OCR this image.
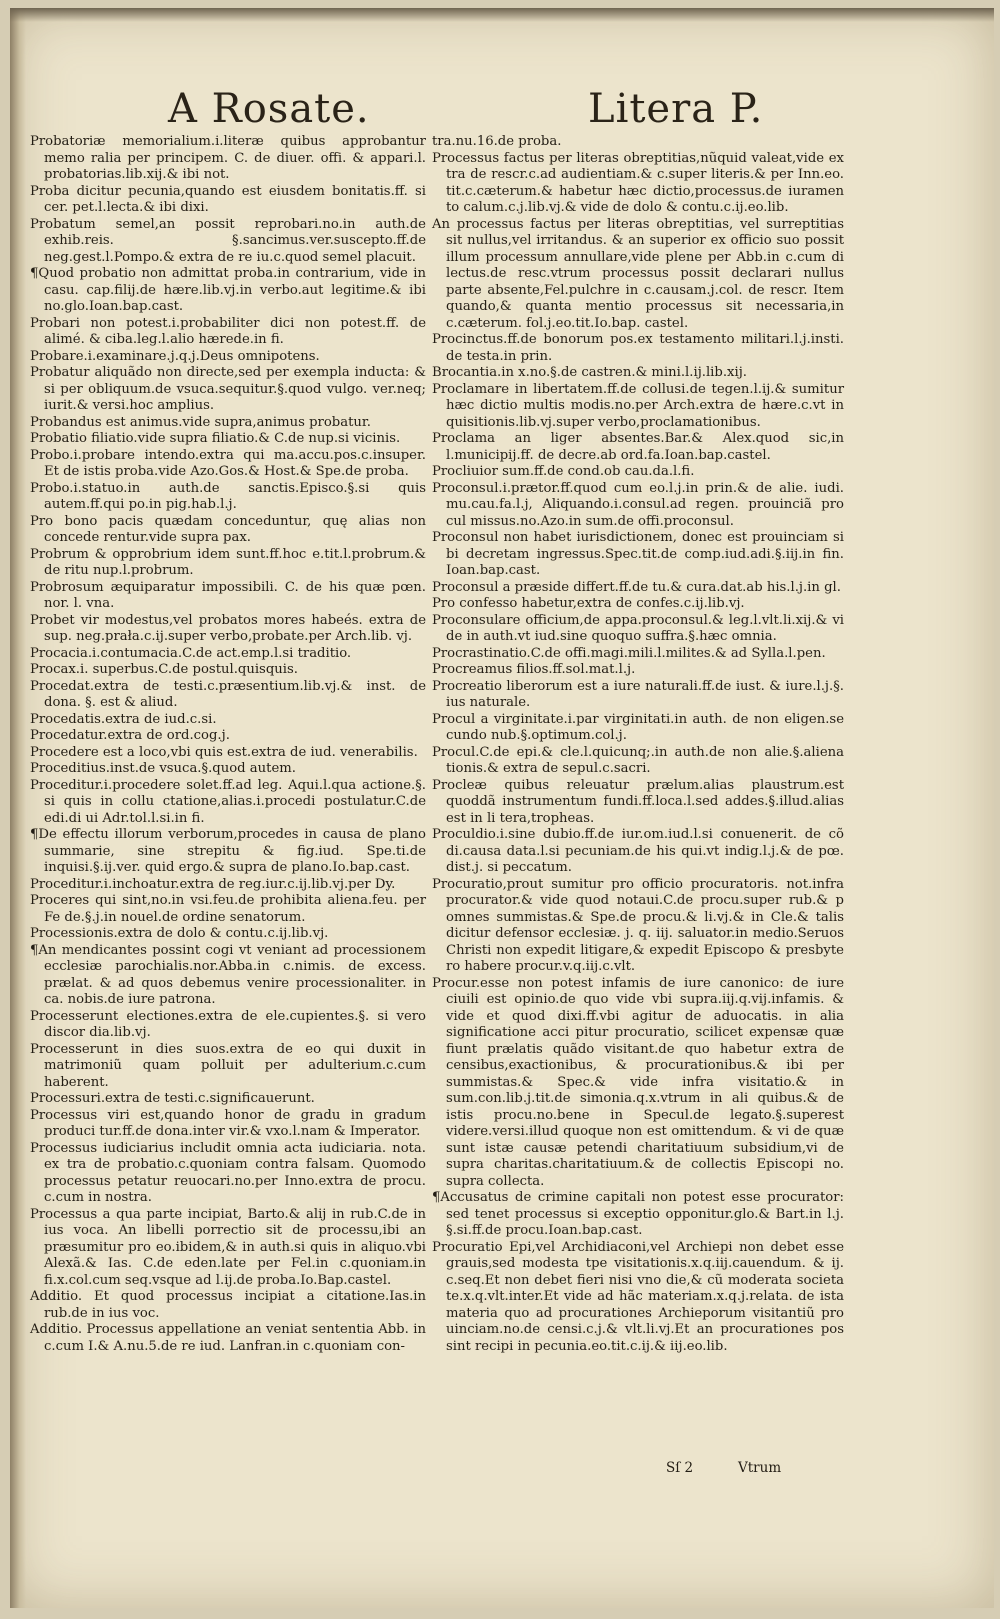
A Rosate.	Litera P.

Probatoriæ memorialium.i.literæ quibus approbantur memo ralia per principem. C. de diuer. offi. & appari.l. probatorias.lib.xij.& ibi not.

Proba dicitur pecunia,quando est eiusdem bonitatis.ff. si cer. pet.l.lecta.& ibi dixi.

Probatum semel,an possit reprobari.no.in auth.de exhib.reis. §.sancimus.ver.suscepto.ff.de neg.gest.l.Pompo.& extra de re iu.c.quod semel placuit.

¶Quod probatio non admittat proba.in contrarium, vide in casu. cap.filij.de hære.lib.vj.in verbo.aut legitime.& ibi no.glo.Ioan.bap.cast.

Probari non potest.i.probabiliter dici non potest.ff. de alimé. & ciba.leg.l.alio hærede.in fi.

Probare.i.examinare.j.q.j.Deus omnipotens.

Probatur aliquãdo non directe,sed per exempla inducta: & si per obliquum.de vsuca.sequitur.§.quod vulgo. ver.neq; iurit.& versi.hoc amplius.

Probandus est animus.vide supra,animus probatur.

Probatio filiatio.vide supra filiatio.& C.de nup.si vicinis.

Probo.i.probare intendo.extra qui ma.accu.pos.c.insuper. Et de istis proba.vide Azo.Gos.& Host.& Spe.de proba.

Probo.i.statuo.in auth.de sanctis.Episco.§.si quis autem.ff.qui po.in pig.hab.l.j.

Pro bono pacis quædam conceduntur, quę alias non concede rentur.vide supra pax.

Probrum & opprobrium idem sunt.ff.hoc e.tit.l.probrum.& de ritu nup.l.probrum.

Probrosum æquiparatur impossibili. C. de his quæ pœn. nor. l. vna.

Probet vir modestus,vel probatos mores habeés. extra de sup. neg.prała.c.ij.super verbo,probate.per Arch.lib. vj.

Procacia.i.contumacia.C.de act.emp.l.si traditio.

Procax.i. superbus.C.de postul.quisquis.

Procedat.extra de testi.c.præsentium.lib.vj.& inst. de dona. §. est & aliud.

Procedatis.extra de iud.c.si.

Procedatur.extra de ord.cog.j.

Procedere est a loco,vbi quis est.extra de iud. venerabilis.

Proceditius.inst.de vsuca.§.quod autem.

Proceditur.i.procedere solet.ff.ad leg. Aqui.l.qua actione.§. si quis in collu ctatione,alias.i.procedi postulatur.C.de edi.di ui Adr.tol.l.si.in fi.

¶De effectu illorum verborum,procedes in causa de plano summarie, sine strepitu & fig.iud. Spe.ti.de inquisi.§.ij.ver. quid ergo.& supra de plano.Io.bap.cast.

Proceditur.i.inchoatur.extra de reg.iur.c.ij.lib.vj.per Dy.

Proceres qui sint,no.in vsi.feu.de prohibita aliena.feu. per Fe de.§.j.in nouel.de ordine senatorum.

Processionis.extra de dolo & contu.c.ij.lib.vj.

¶An mendicantes possint cogi vt veniant ad processionem ecclesiæ parochialis.nor.Abba.in c.nimis. de excess. prælat. & ad quos debemus venire processionaliter. in ca. nobis.de iure patrona.

Processerunt electiones.extra de ele.cupientes.§. si vero discor dia.lib.vj.

Processerunt in dies suos.extra de eo qui duxit in matrimoniũ quam polluit per adulterium.c.cum haberent.

Processuri.extra de testi.c.significauerunt.

Processus viri est,quando honor de gradu in gradum produci tur.ff.de dona.inter vir.& vxo.l.nam & Imperator.

Processus iudiciarius includit omnia acta iudiciaria. nota. ex tra de probatio.c.quoniam contra falsam. Quomodo processus petatur reuocari.no.per Inno.extra de procu. c.cum in nostra.

Processus a qua parte incipiat, Barto.& alij in rub.C.de in ius voca. An libelli porrectio sit de processu,ibi an præsumitur pro eo.ibidem,& in auth.si quis in aliquo.vbi Alexã.& Ias. C.de eden.late per Fel.in c.quoniam.in fi.x.col.cum seq.vsque ad l.ij.de proba.Io.Bap.castel.

Additio. Et quod processus incipiat a citatione.Ias.in rub.de in ius voc.

Additio. Processus appellatione an veniat sententia Abb. in c.cum I.& A.nu.5.de re iud. Lanfran.in c.quoniam con-

tra.nu.16.de proba.

Processus factus per literas obreptitias,nũquid valeat,vide ex tra de rescr.c.ad audientiam.& c.super literis.& per Inn.eo. tit.c.cæterum.& habetur hæc dictio,processus.de iuramen to calum.c.j.lib.vj.& vide de dolo & contu.c.ij.eo.lib.

An processus factus per literas obreptitias, vel surreptitias sit nullus,vel irritandus. & an superior ex officio suo possit illum processum annullare,vide plene per Abb.in c.cum di lectus.de resc.vtrum processus possit declarari nullus parte absente,Fel.pulchre in c.causam.j.col. de rescr. Item quando,& quanta mentio processus sit necessaria,in c.cæterum. fol.j.eo.tit.Io.bap. castel.

Procinctus.ff.de bonorum pos.ex testamento militari.l.j.insti. de testa.in prin.

Brocantia.in x.no.§.de castren.& mini.l.ij.lib.xij.

Proclamare in libertatem.ff.de collusi.de tegen.l.ij.& sumitur hæc dictio multis modis.no.per Arch.extra de hære.c.vt in quisitionis.lib.vj.super verbo,proclamationibus.

Proclama an liger absentes.Bar.& Alex.quod sic,in l.municipij.ff. de decre.ab ord.fa.Ioan.bap.castel.

Procliuior sum.ff.de cond.ob cau.da.l.fi.

Proconsul.i.prætor.ff.quod cum eo.l.j.in prin.& de alie. iudi. mu.cau.fa.l.j, Aliquando.i.consul.ad regen. prouinciã pro cul missus.no.Azo.in sum.de offi.proconsul.

Proconsul non habet iurisdictionem, donec est prouinciam si bi decretam ingressus.Spec.tit.de comp.iud.adi.§.iij.in fin. Ioan.bap.cast.

Proconsul a præside differt.ff.de tu.& cura.dat.ab his.l.j.in gl.

Pro confesso habetur,extra de confes.c.ij.lib.vj.

Proconsulare officium,de appa.proconsul.& leg.l.vlt.li.xij.& vi de in auth.vt iud.sine quoquo suffra.§.hæc omnia.

Procrastinatio.C.de offi.magi.mili.l.milites.& ad Sylla.l.pen.

Procreamus filios.ff.sol.mat.l.j.

Procreatio liberorum est a iure naturali.ff.de iust. & iure.l.j.§. ius naturale.

Procul a virginitate.i.par virginitati.in auth. de non eligen.se cundo nub.§.optimum.col.j.

Procul.C.de epi.& cle.l.quicunq;.in auth.de non alie.§.aliena tionis.& extra de sepul.c.sacri.

Procleæ quibus releuatur prælum.alias plaustrum.est quoddã instrumentum fundi.ff.loca.l.sed addes.§.illud.alias est in li tera,tropheas.

Proculdio.i.sine dubio.ff.de iur.om.iud.l.si conuenerit. de cõ di.causa data.l.si pecuniam.de his qui.vt indig.l.j.& de pœ. dist.j. si peccatum.

Procuratio,prout sumitur pro officio procuratoris. not.infra procurator.& vide quod notaui.C.de procu.super rub.& p omnes summistas.& Spe.de procu.& li.vj.& in Cle.& talis dicitur defensor ecclesiæ. j. q. iij. saluator.in medio.Seruos Christi non expedit litigare,& expedit Episcopo & presbyte ro habere procur.v.q.iij.c.vlt.

Procur.esse non potest infamis de iure canonico: de iure ciuili est opinio.de quo vide vbi supra.iij.q.vij.infamis. & vide et quod dixi.ff.vbi agitur de aduocatis. in alia significatione acci pitur procuratio, scilicet expensæ quæ fiunt prælatis quãdo visitant.de quo habetur extra de censibus,exactionibus, & procurationibus.& ibi per summistas.& Spec.& vide infra visitatio.& in sum.con.lib.j.tit.de simonia.q.x.vtrum in ali quibus.& de istis procu.no.bene in Specul.de legato.§.superest videre.versi.illud quoque non est omittendum. & vi de quæ sunt istæ causæ petendi charitatiuum subsidium,vi de supra charitas.charitatiuum.& de collectis Episcopi no. supra collecta.

¶Accusatus de crimine capitali non potest esse procurator: sed tenet processus si exceptio opponitur.glo.& Bart.in l.j. §.si.ff.de procu.Ioan.bap.cast.

Procuratio Epi,vel Archidiaconi,vel Archiepi non debet esse grauis,sed modesta tpe visitationis.x.q.iij.cauendum. & ij. c.seq.Et non debet fieri nisi vno die,& cũ moderata societa te.x.q.vlt.inter.Et vide ad hãc materiam.x.q.j.relata. de ista materia quo ad procurationes Archieporum visitantiũ pro uinciam.no.de censi.c.j.& vlt.li.vj.Et an procurationes pos sint recipi in pecunia.eo.tit.c.ij.& iij.eo.lib.

Sſ 2	Vtrum
